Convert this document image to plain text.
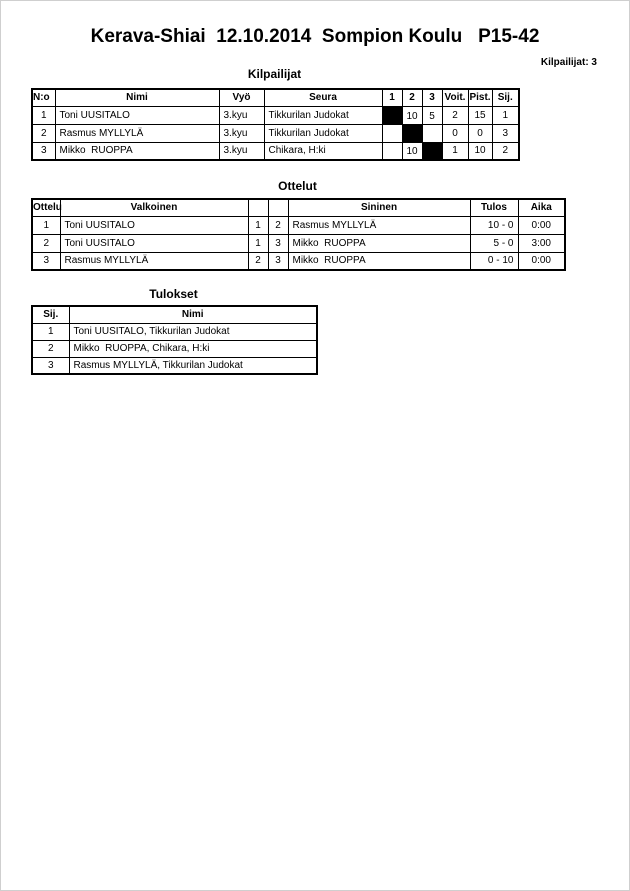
Kerava-Shiai  12.10.2014  Sompion Koulu   P15-42
Kilpailijat: 3
Kilpailijat
N:o	Nimi	Vyö	Seura	1	2	3	Voit.	Pist.	Sij.
1	Toni UUSITALO	3.kyu	Tikkurilan Judokat		10	5	2	15	1
2	Rasmus MYLLYLÄ	3.kyu	Tikkurilan Judokat				0	0	3
3	Mikko  RUOPPA	3.kyu	Chikara, H:ki		10		1	10	2
Ottelut
Ottelu	Valkoinen			Sininen	Tulos	Aika
1	Toni UUSITALO	1	2	Rasmus MYLLYLÄ	10 - 0	0:00
2	Toni UUSITALO	1	3	Mikko  RUOPPA	5 - 0	3:00
3	Rasmus MYLLYLÄ	2	3	Mikko  RUOPPA	0 - 10	0:00
Tulokset
Sij.	Nimi
1	Toni UUSITALO, Tikkurilan Judokat
2	Mikko  RUOPPA, Chikara, H:ki
3	Rasmus MYLLYLÄ, Tikkurilan Judokat
